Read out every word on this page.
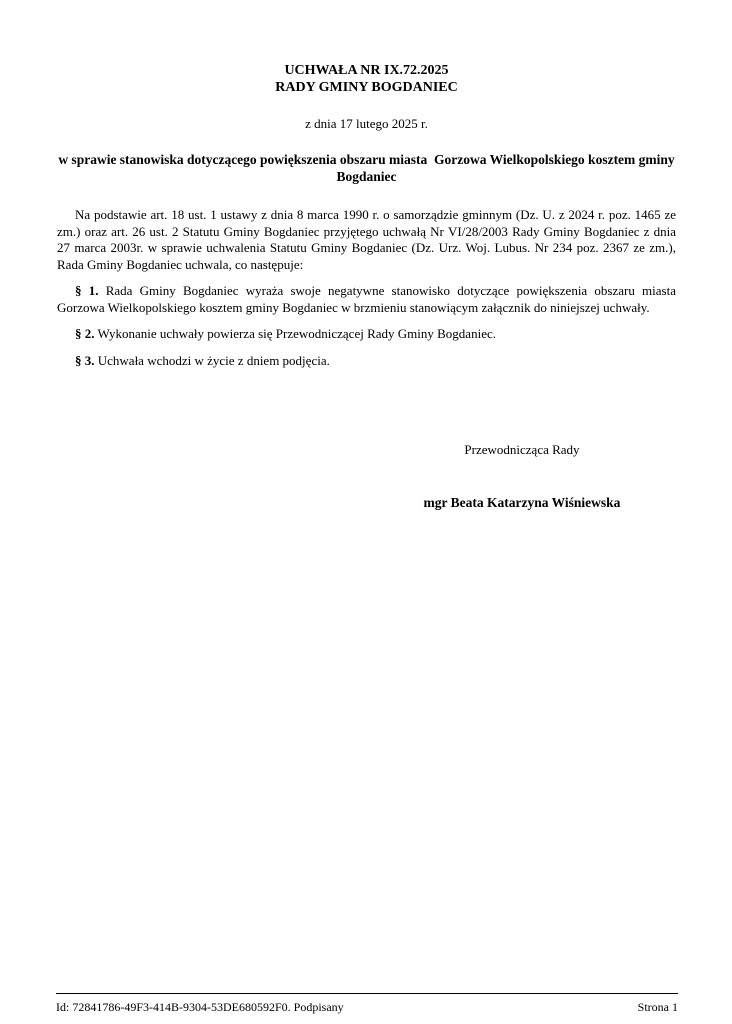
UCHWAŁA NR IX.72.2025
RADY GMINY BOGDANIEC
z dnia 17 lutego 2025 r.
w sprawie stanowiska dotyczącego powiększenia obszaru miasta  Gorzowa Wielkopolskiego kosztem gminy Bogdaniec

Na podstawie art. 18 ust. 1 ustawy z dnia 8 marca 1990 r. o samorządzie gminnym (Dz. U. z 2024 r. poz. 1465 ze zm.) oraz art. 26 ust. 2 Statutu Gminy Bogdaniec przyjętego uchwałą Nr VI/28/2003 Rady Gminy Bogdaniec z dnia 27 marca 2003r. w sprawie uchwalenia Statutu Gminy Bogdaniec (Dz. Urz. Woj. Lubus. Nr 234 poz. 2367 ze zm.), Rada Gminy Bogdaniec uchwala, co następuje:

§ 1. Rada Gminy Bogdaniec wyraża swoje negatywne stanowisko dotyczące powiększenia obszaru miasta Gorzowa Wielkopolskiego kosztem gminy Bogdaniec w brzmieniu stanowiącym załącznik do niniejszej uchwały.

§ 2. Wykonanie uchwały powierza się Przewodniczącej Rady Gminy Bogdaniec.

§ 3. Uchwała wchodzi w życie z dniem podjęcia.

Przewodnicząca Rady
mgr Beata Katarzyna Wiśniewska
Id: 72841786-49F3-414B-9304-53DE680592F0. Podpisany	Strona 1
